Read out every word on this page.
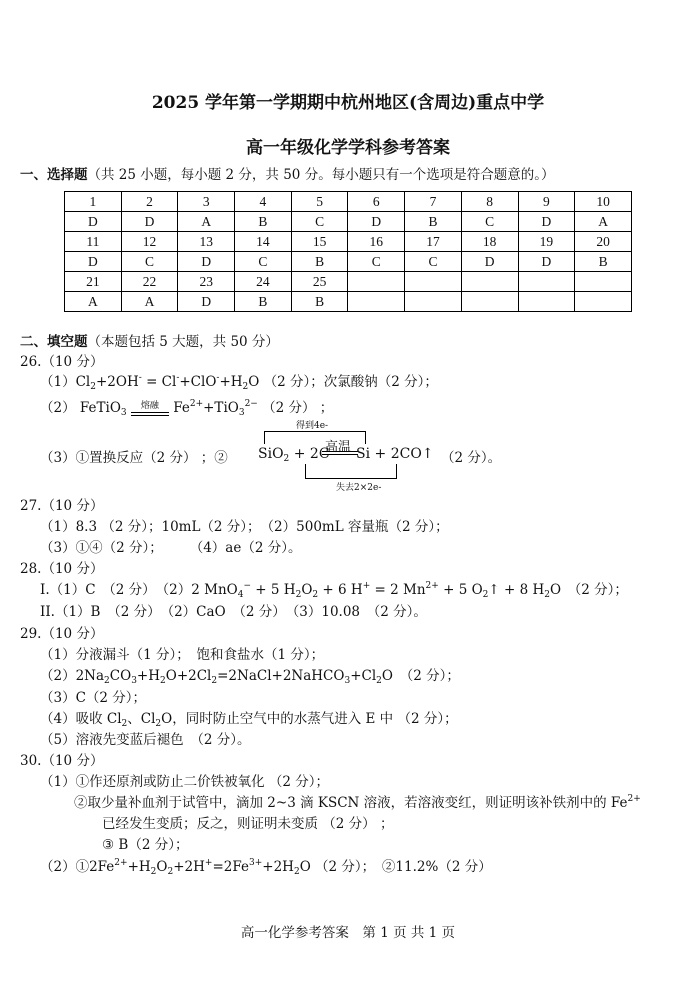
2025 学年第一学期期中杭州地区(含周边)重点中学
高一年级化学学科参考答案
一、选择题（共 25 小题，每小题 2 分，共 50 分。每小题只有一个选项是符合题意的。）
1	2	3	4	5	6	7	8	9	10
D	D	A	B	C	D	B	C	D	A
11	12	13	14	15	16	17	18	19	20
D	C	D	C	B	C	C	D	D	B
21	22	23	24	25					
A	A	D	B	B					
二、填空题（本题包括 5 大题，共 50 分）
26.（10 分）
$(1)Cl_2+2OH^- = Cl^-+ClO^-+H_2O$ （2 分）；次氯酸钠（2 分）；
（2） FeTiO$_3$
熔融 $Fe^{2+}+TiO_3^{2-}$ （2 分） ；
（3）①置换反应（2 分） ；②
得到4e-
高温
SiO$_2$ + 2C Si + 2CO↑
失去2×2e-
（2 分）。
27.（10 分）
（1）8.3 （2 分）；10mL（2 分）；　（2）500mL 容量瓶（2 分）；
（3）①④（2 分）；　　　（4）ae（2 分）。
28.（10 分）
I.（1）C　（2 分）　（2）2 MnO$_4$− + 5 $H_2O_2 + 6$ H+ = 2 $Mn^{2+} + 5$ $O_2↑ + 8$ $H_2O$　（2 分）；
II.（1）B　（2 分）　（2）CaO　（2 分）　（3）10.08　（2 分）。
29.（10 分）
（1）分液漏斗（1 分）；　饱和食盐水（1 分）；
$(2)2Na_2CO_3+H_2O+2Cl_2=2NaCl+2NaHCO_3+Cl_2O$　（2 分）；
（3）C（2 分）；
（4）吸收 $Cl_2$、$Cl_2O$，同时防止空气中的水蒸气进入 E 中 （2 分）；
（5）溶液先变蓝后褪色　（2 分）。
30.（10 分）
（1）①作还原剂或防止二价铁被氧化 （2 分）；
②取少量补血剂于试管中，滴加 2~3 滴 KSCN 溶液，若溶液变红，则证明该补铁剂中的 $Fe^{2+}$
已经发生变质；反之，则证明未变质 （2 分） ；
③ B（2 分）；
$(2)①2Fe^{2+}+H_2O_2+2H^+=2Fe^{3+}+2H_2O$ （2 分）；　②11.2%（2 分）
高一化学参考答案　第 1 页 共 1 页
